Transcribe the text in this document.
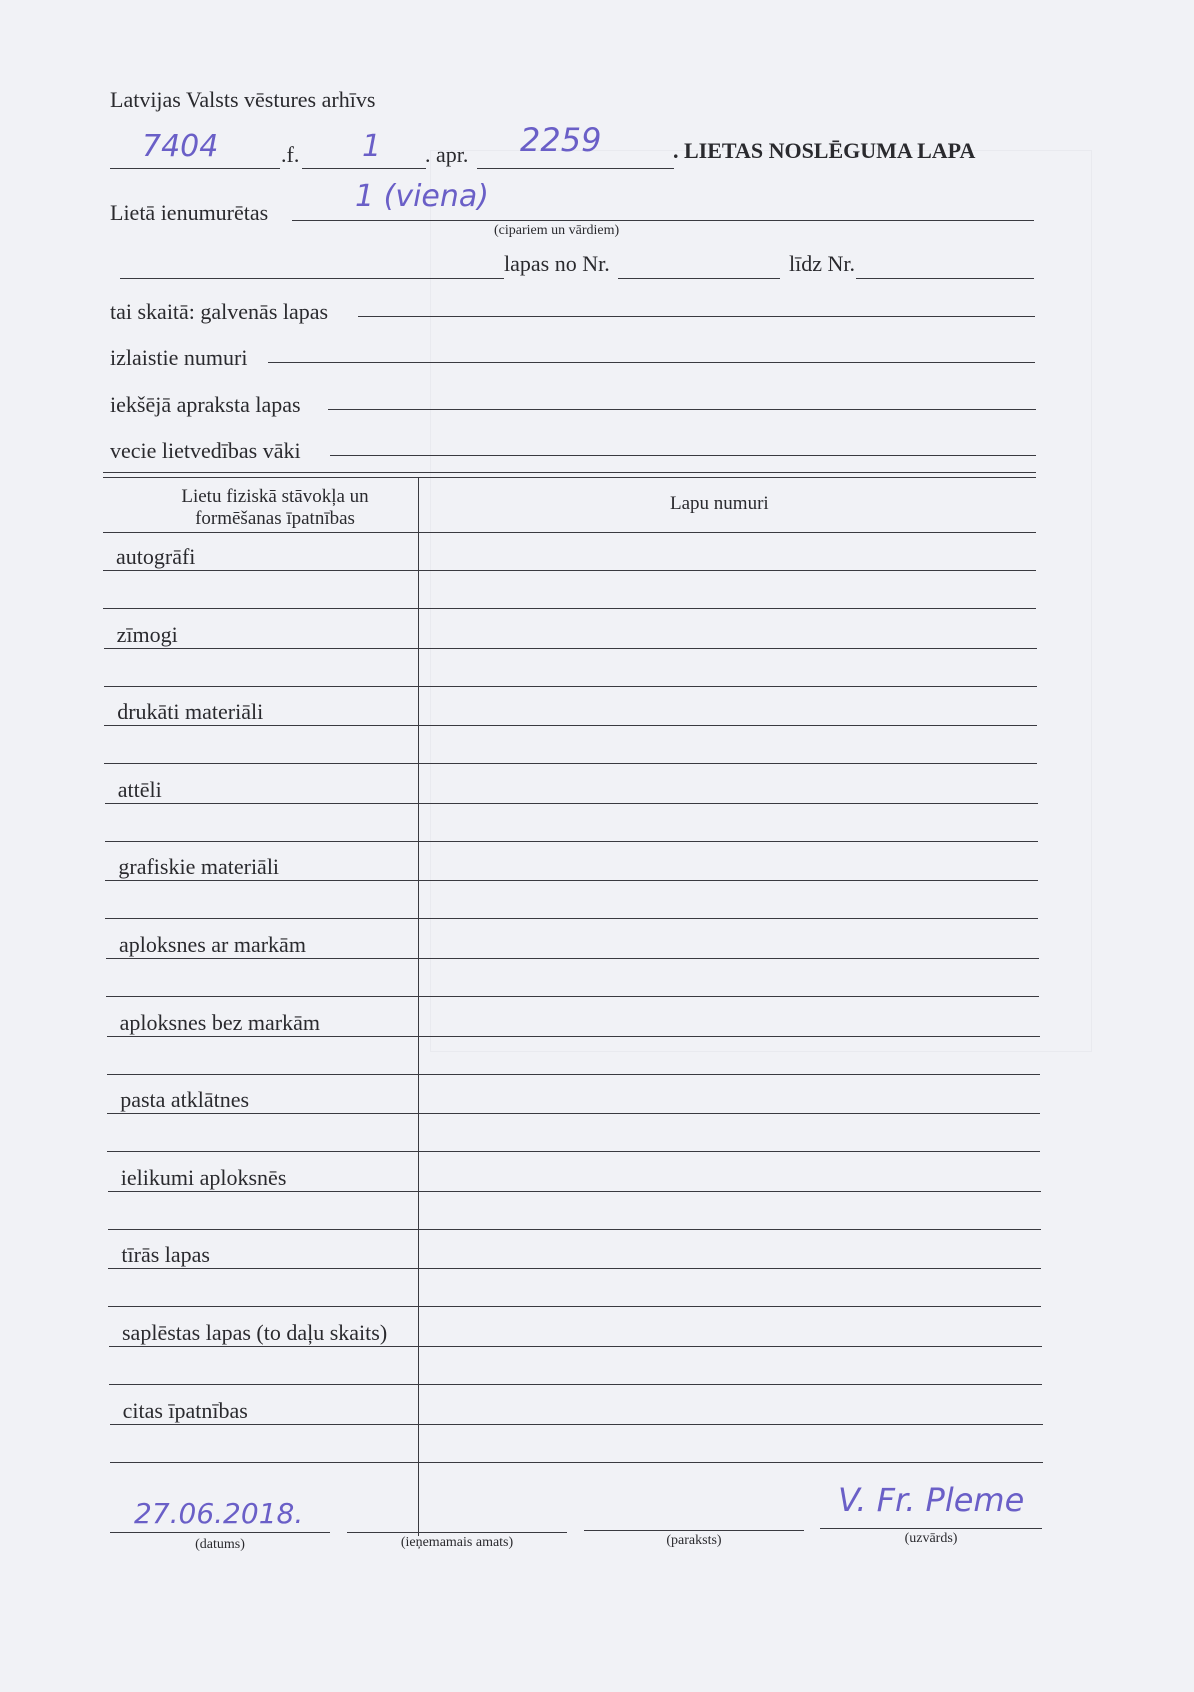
Latvijas Valsts vēstures arhīvs
7404	.f. 1 . apr. 2259	. LIETAS NOSLĒGUMA LAPA
Lietā ienumurētas	1 (viena)
(cipariem un vārdiem)
lapas no Nr.	līdz Nr.
tai skaitā: galvenās lapas
izlaistie numuri
iekšējā apraksta lapas
vecie lietvedības vāki
Lietu fiziskā stāvokļa un
formēšanas īpatnības
Lapu numuri
autogrāfi
zīmogi
drukāti materiāli
attēli
grafiskie materiāli
aploksnes ar markām
aploksnes bez markām
pasta atklātnes
ielikumi aploksnēs
tīrās lapas
saplēstas lapas (to daļu skaits)
citas īpatnības
27.06.2018.
(datums)	(ieņemamais amats)	(paraksts)
V. Fr. Pleme
(uzvārds)
